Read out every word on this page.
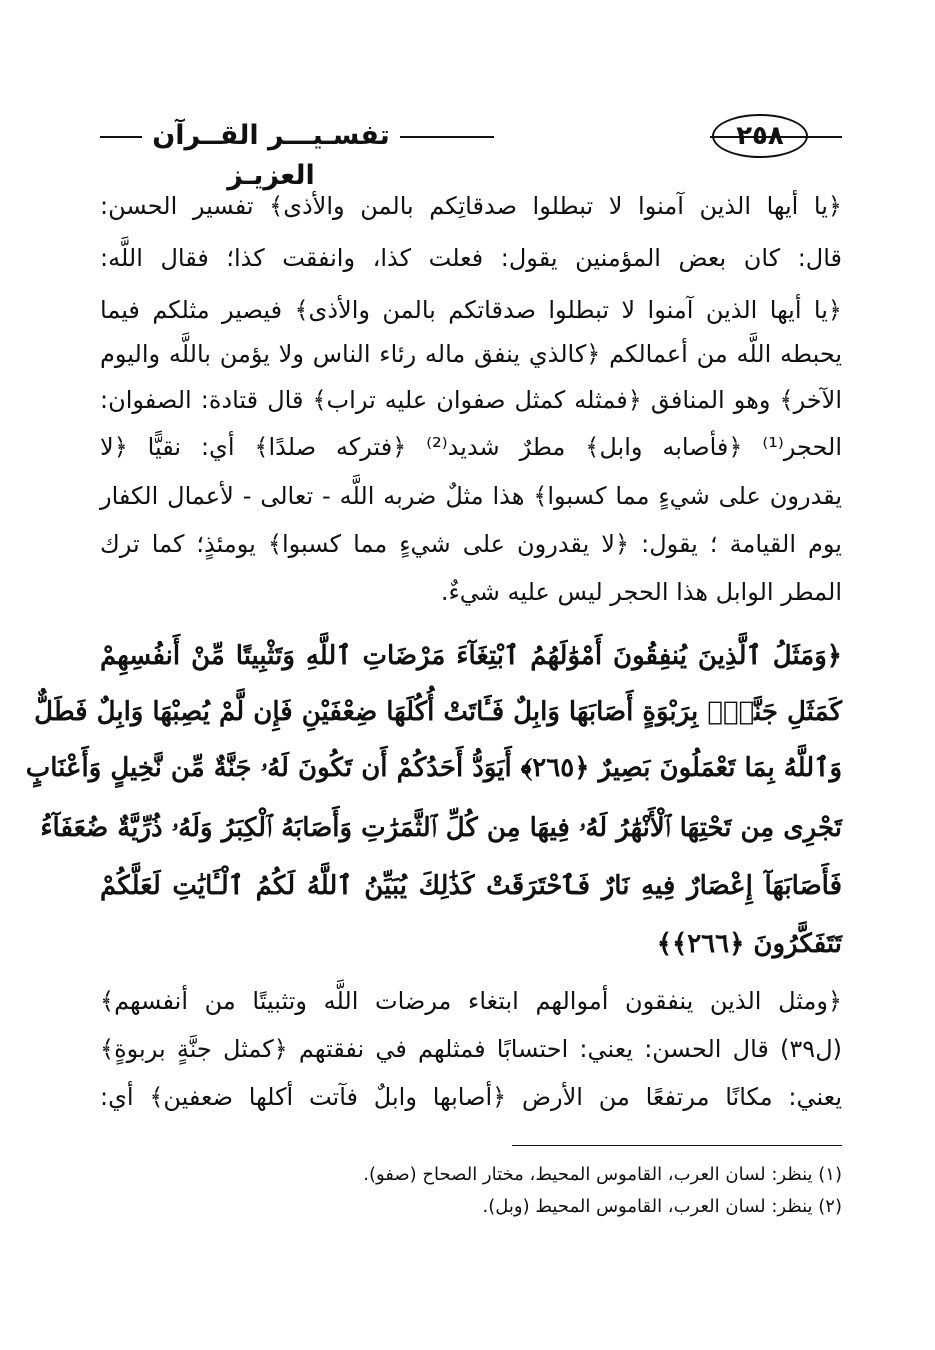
تفسـيـــر القــرآن العزيـز
٢٥٨
﴿يا أيها الذين آمنوا لا تبطلوا صدقاتِكم بالمن والأذى﴾ تفسير الحسن:
قال: كان بعض المؤمنين يقول: فعلت كذا، وانفقت كذا؛ فقال اللَّه:
﴿يا أيها الذين آمنوا لا تبطلوا صدقاتكم بالمن والأذى﴾ فيصير مثلكم فيما
يحبطه اللَّه من أعمالكم ﴿كالذي ينفق ماله رئاء الناس ولا يؤمن باللَّه واليوم
الآخر﴾ وهو المنافق ﴿فمثله كمثل صفوان عليه تراب﴾ قال قتادة: الصفوان:
الحجر⁽¹⁾ ﴿فأصابه وابل﴾ مطرٌ شديد⁽²⁾ ﴿فتركه صلدًا﴾ أي: نقيًّا ﴿لا
يقدرون على شيءٍ مما كسبوا﴾ هذا مثلٌ ضربه اللَّه - تعالى - لأعمال الكفار
يوم القيامة ؛ يقول: ﴿لا يقدرون على شيءٍ مما كسبوا﴾ يومئذٍ؛ كما ترك
المطر الوابل هذا الحجر ليس عليه شيءٌ.
﴿وَمَثَلُ ٱلَّذِينَ يُنفِقُونَ أَمْوَٰلَهُمُ ٱبْتِغَآءَ مَرْضَاتِ ٱللَّهِ وَتَثْبِيتًا مِّنْ أَنفُسِهِمْ
كَمَثَلِ جَنَّةٍۭ بِرَبْوَةٍ أَصَابَهَا وَابِلٌ فَـَٔاتَتْ أُكُلَهَا ضِعْفَيْنِ فَإِن لَّمْ يُصِبْهَا وَابِلٌ فَطَلٌّ
وَٱللَّهُ بِمَا تَعْمَلُونَ بَصِيرٌ ﴿٢٦٥﴾ أَيَوَدُّ أَحَدُكُمْ أَن تَكُونَ لَهُۥ جَنَّةٌ مِّن نَّخِيلٍ وَأَعْنَابٍ
تَجْرِى مِن تَحْتِهَا ٱلْأَنْهَٰرُ لَهُۥ فِيهَا مِن كُلِّ ٱلثَّمَرَٰتِ وَأَصَابَهُ ٱلْكِبَرُ وَلَهُۥ ذُرِّيَّةٌ ضُعَفَآءُ
فَأَصَابَهَآ إِعْصَارٌ فِيهِ نَارٌ فَٱحْتَرَقَتْ كَذَٰلِكَ يُبَيِّنُ ٱللَّهُ لَكُمُ ٱلْـَٔايَٰتِ لَعَلَّكُمْ
تَتَفَكَّرُونَ ﴿٢٦٦﴾﴾
﴿ومثل الذين ينفقون أموالهم ابتغاء مرضات اللَّه وتثبيتًا من أنفسهم﴾
(ل٣٩) قال الحسن: يعني: احتسابًا فمثلهم في نفقتهم ﴿كمثل جنَّةٍ بربوةٍ﴾
يعني: مكانًا مرتفعًا من الأرض ﴿أصابها وابلٌ فآتت أكلها ضعفين﴾ أي:
(١) ينظر: لسان العرب، القاموس المحيط، مختار الصحاح (صفو).
(٢) ينظر: لسان العرب، القاموس المحيط (وبل).
